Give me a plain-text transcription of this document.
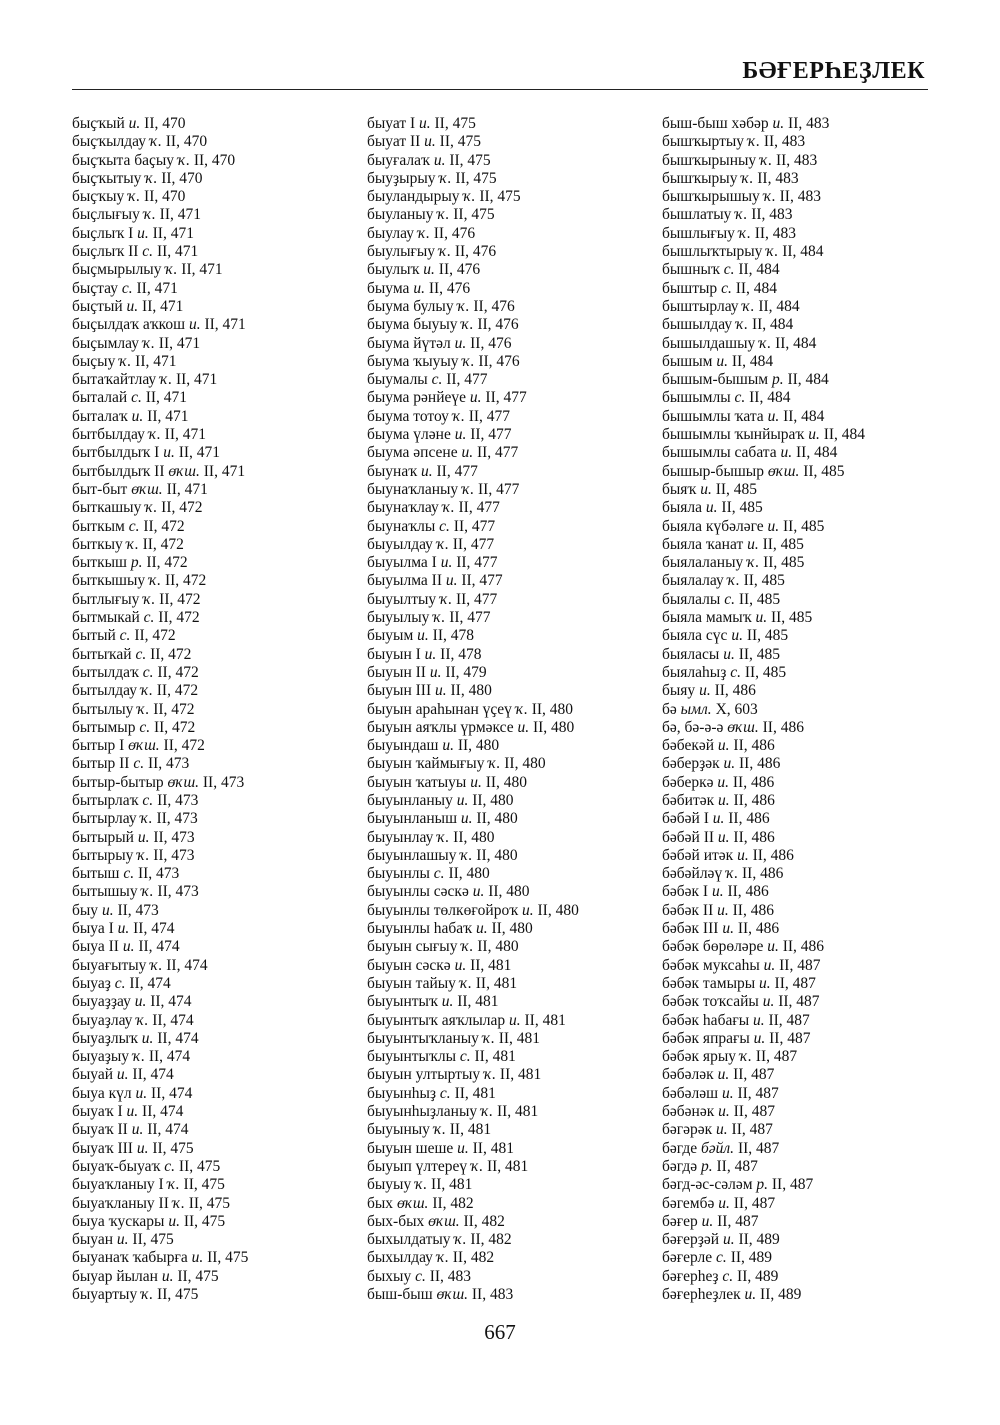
БӘҒЕРҺЕҘЛЕК
быҫҡый и. II, 470
быҫҡылдау ҡ. II, 470
быҫҡыта баҫыу ҡ. II, 470
быҫҡытыу ҡ. II, 470
быҫҡыу ҡ. II, 470
быҫлығыу ҡ. II, 471
быҫлыҡ I и. II, 471
быҫлыҡ II с. II, 471
быҫмырылыу ҡ. II, 471
быҫтау с. II, 471
быҫтый и. II, 471
быҫылдаҡ аҡкош и. II, 471
быҫымлау ҡ. II, 471
быҫыу ҡ. II, 471
бытаҡайтлау ҡ. II, 471
быталай с. II, 471
быталаҡ и. II, 471
бытбылдау ҡ. II, 471
бытбылдыҡ I и. II, 471
бытбылдыҡ II өҡш. II, 471
быт-быт өҡш. II, 471
быткашыу ҡ. II, 472
быткым с. II, 472
быткыу ҡ. II, 472
быткыш р. II, 472
быткышыу ҡ. II, 472
бытлығыу ҡ. II, 472
бытмыкай с. II, 472
бытый с. II, 472
бытыҡай с. II, 472
бытылдаҡ с. II, 472
бытылдау ҡ. II, 472
бытылыу ҡ. II, 472
бытымыр с. II, 472
бытыр I өҡш. II, 472
бытыр II с. II, 473
бытыр-бытыр өҡш. II, 473
бытырлаҡ с. II, 473
бытырлау ҡ. II, 473
бытырый и. II, 473
бытырыу ҡ. II, 473
бытыш с. II, 473
бытышыу ҡ. II, 473
быу и. II, 473
быуа I и. II, 474
быуа II и. II, 474
быуағытыу ҡ. II, 474
быуаҙ с. II, 474
быуаҙҙау и. II, 474
быуаҙлау ҡ. II, 474
быуаҙлыҡ и. II, 474
быуаҙыу ҡ. II, 474
быуай и. II, 474
быуа күл и. II, 474
быуаҡ I и. II, 474
быуаҡ II и. II, 474
быуаҡ III и. II, 475
быуаҡ-быуаҡ с. II, 475
быуаҡланыу I ҡ. II, 475
быуаҡланыу II ҡ. II, 475
быуа ҡускары и. II, 475
быуан и. II, 475
быуанаҡ ҡабырға и. II, 475
быуар йылан и. II, 475
быуартыу ҡ. II, 475
быуат I и. II, 475
быуат II и. II, 475
быуғалаҡ и. II, 475
быуҙырыу ҡ. II, 475
быуландырыу ҡ. II, 475
быуланыу ҡ. II, 475
быулау ҡ. II, 476
быулығыу ҡ. II, 476
быулыҡ и. II, 476
быума и. II, 476
быума булыу ҡ. II, 476
быума быуыу ҡ. II, 476
быума йүтәл и. II, 476
быума ҡыуыу ҡ. II, 476
быумалы с. II, 477
быума рәнйеүе и. II, 477
быума тотоу ҡ. II, 477
быума үләне и. II, 477
быума әпсене и. II, 477
быунаҡ и. II, 477
быунаҡланыу ҡ. II, 477
быунаҡлау ҡ. II, 477
быунаҡлы с. II, 477
быуылдау ҡ. II, 477
быуылма I и. II, 477
быуылма II и. II, 477
быуылтыу ҡ. II, 477
быуылыу ҡ. II, 477
быуым и. II, 478
быуын I и. II, 478
быуын II и. II, 479
быуын III и. II, 480
быуын араһынан үҫеү ҡ. II, 480
быуын аяҡлы үрмәксе и. II, 480
быуындаш и. II, 480
быуын ҡаймығыу ҡ. II, 480
быуын ҡатыуы и. II, 480
быуынланыу и. II, 480
быуынланыш и. II, 480
быуынлау ҡ. II, 480
быуынлашыу ҡ. II, 480
быуынлы с. II, 480
быуынлы сәскә и. II, 480
быуынлы төлкөғойроҡ и. II, 480
быуынлы һабаҡ и. II, 480
быуын сығыу ҡ. II, 480
быуын сәскә и. II, 481
быуын тайыу ҡ. II, 481
быуынтыҡ и. II, 481
быуынтыҡ аяҡлылар и. II, 481
быуынтыҡланыу ҡ. II, 481
быуынтыҡлы с. II, 481
быуын ултыртыу ҡ. II, 481
быуынһыҙ с. II, 481
быуынһыҙланыу ҡ. II, 481
быуыныу ҡ. II, 481
быуын шеше и. II, 481
быуып үлтереү ҡ. II, 481
быуыу ҡ. II, 481
бых өҡш. II, 482
бых-бых өҡш. II, 482
быхылдатыу ҡ. II, 482
быхылдау ҡ. II, 482
быхыу с. II, 483
быш-быш өҡш. II, 483
быш-быш хәбәр и. II, 483
бышҡыртыу ҡ. II, 483
бышҡырыныу ҡ. II, 483
бышҡырыу ҡ. II, 483
бышҡырышыу ҡ. II, 483
бышлатыу ҡ. II, 483
бышлығыу ҡ. II, 483
бышлыҡтырыу ҡ. II, 484
бышныҡ с. II, 484
быштыр с. II, 484
быштырлау ҡ. II, 484
бышылдау ҡ. II, 484
бышылдашыу ҡ. II, 484
бышым и. II, 484
бышым-бышым р. II, 484
бышымлы с. II, 484
бышымлы ҡата и. II, 484
бышымлы ҡынйыраҡ и. II, 484
бышымлы сабата и. II, 484
бышыр-бышыр өҡш. II, 485
быяҡ и. II, 485
быяла и. II, 485
быяла күбәләге и. II, 485
быяла ҡанат и. II, 485
быялаланыу ҡ. II, 485
быялалау ҡ. II, 485
быялалы с. II, 485
быяла мамыҡ и. II, 485
быяла сүс и. II, 485
быяласы и. II, 485
быялаһыҙ с. II, 485
быяу и. II, 486
бә ымл. X, 603
бә, бә-ә-ә өҡш. II, 486
бәбекәй и. II, 486
бәберҙәк и. II, 486
бәберкә и. II, 486
бәбитәк и. II, 486
бәбәй I и. II, 486
бәбәй II и. II, 486
бәбәй итәк и. II, 486
бәбәйләү ҡ. II, 486
бәбәк I и. II, 486
бәбәк II и. II, 486
бәбәк III и. II, 486
бәбәк бөрөләре и. II, 486
бәбәк муксаһы и. II, 487
бәбәк тамыры и. II, 487
бәбәк тоҡсайы и. II, 487
бәбәк һабағы и. II, 487
бәбәк япрағы и. II, 487
бәбәк ярыу ҡ. II, 487
бәбәләк и. II, 487
бәбәләш и. II, 487
бәбәнәк и. II, 487
бәгәрәк и. II, 487
бәгде бәйл. II, 487
бәгдә р. II, 487
бәгд-әс-сәләм р. II, 487
бәгембә и. II, 487
бәғер и. II, 487
бәғерҙәй и. II, 489
бәғерле с. II, 489
бәғерһеҙ с. II, 489
бәғерһеҙлек и. II, 489
667
